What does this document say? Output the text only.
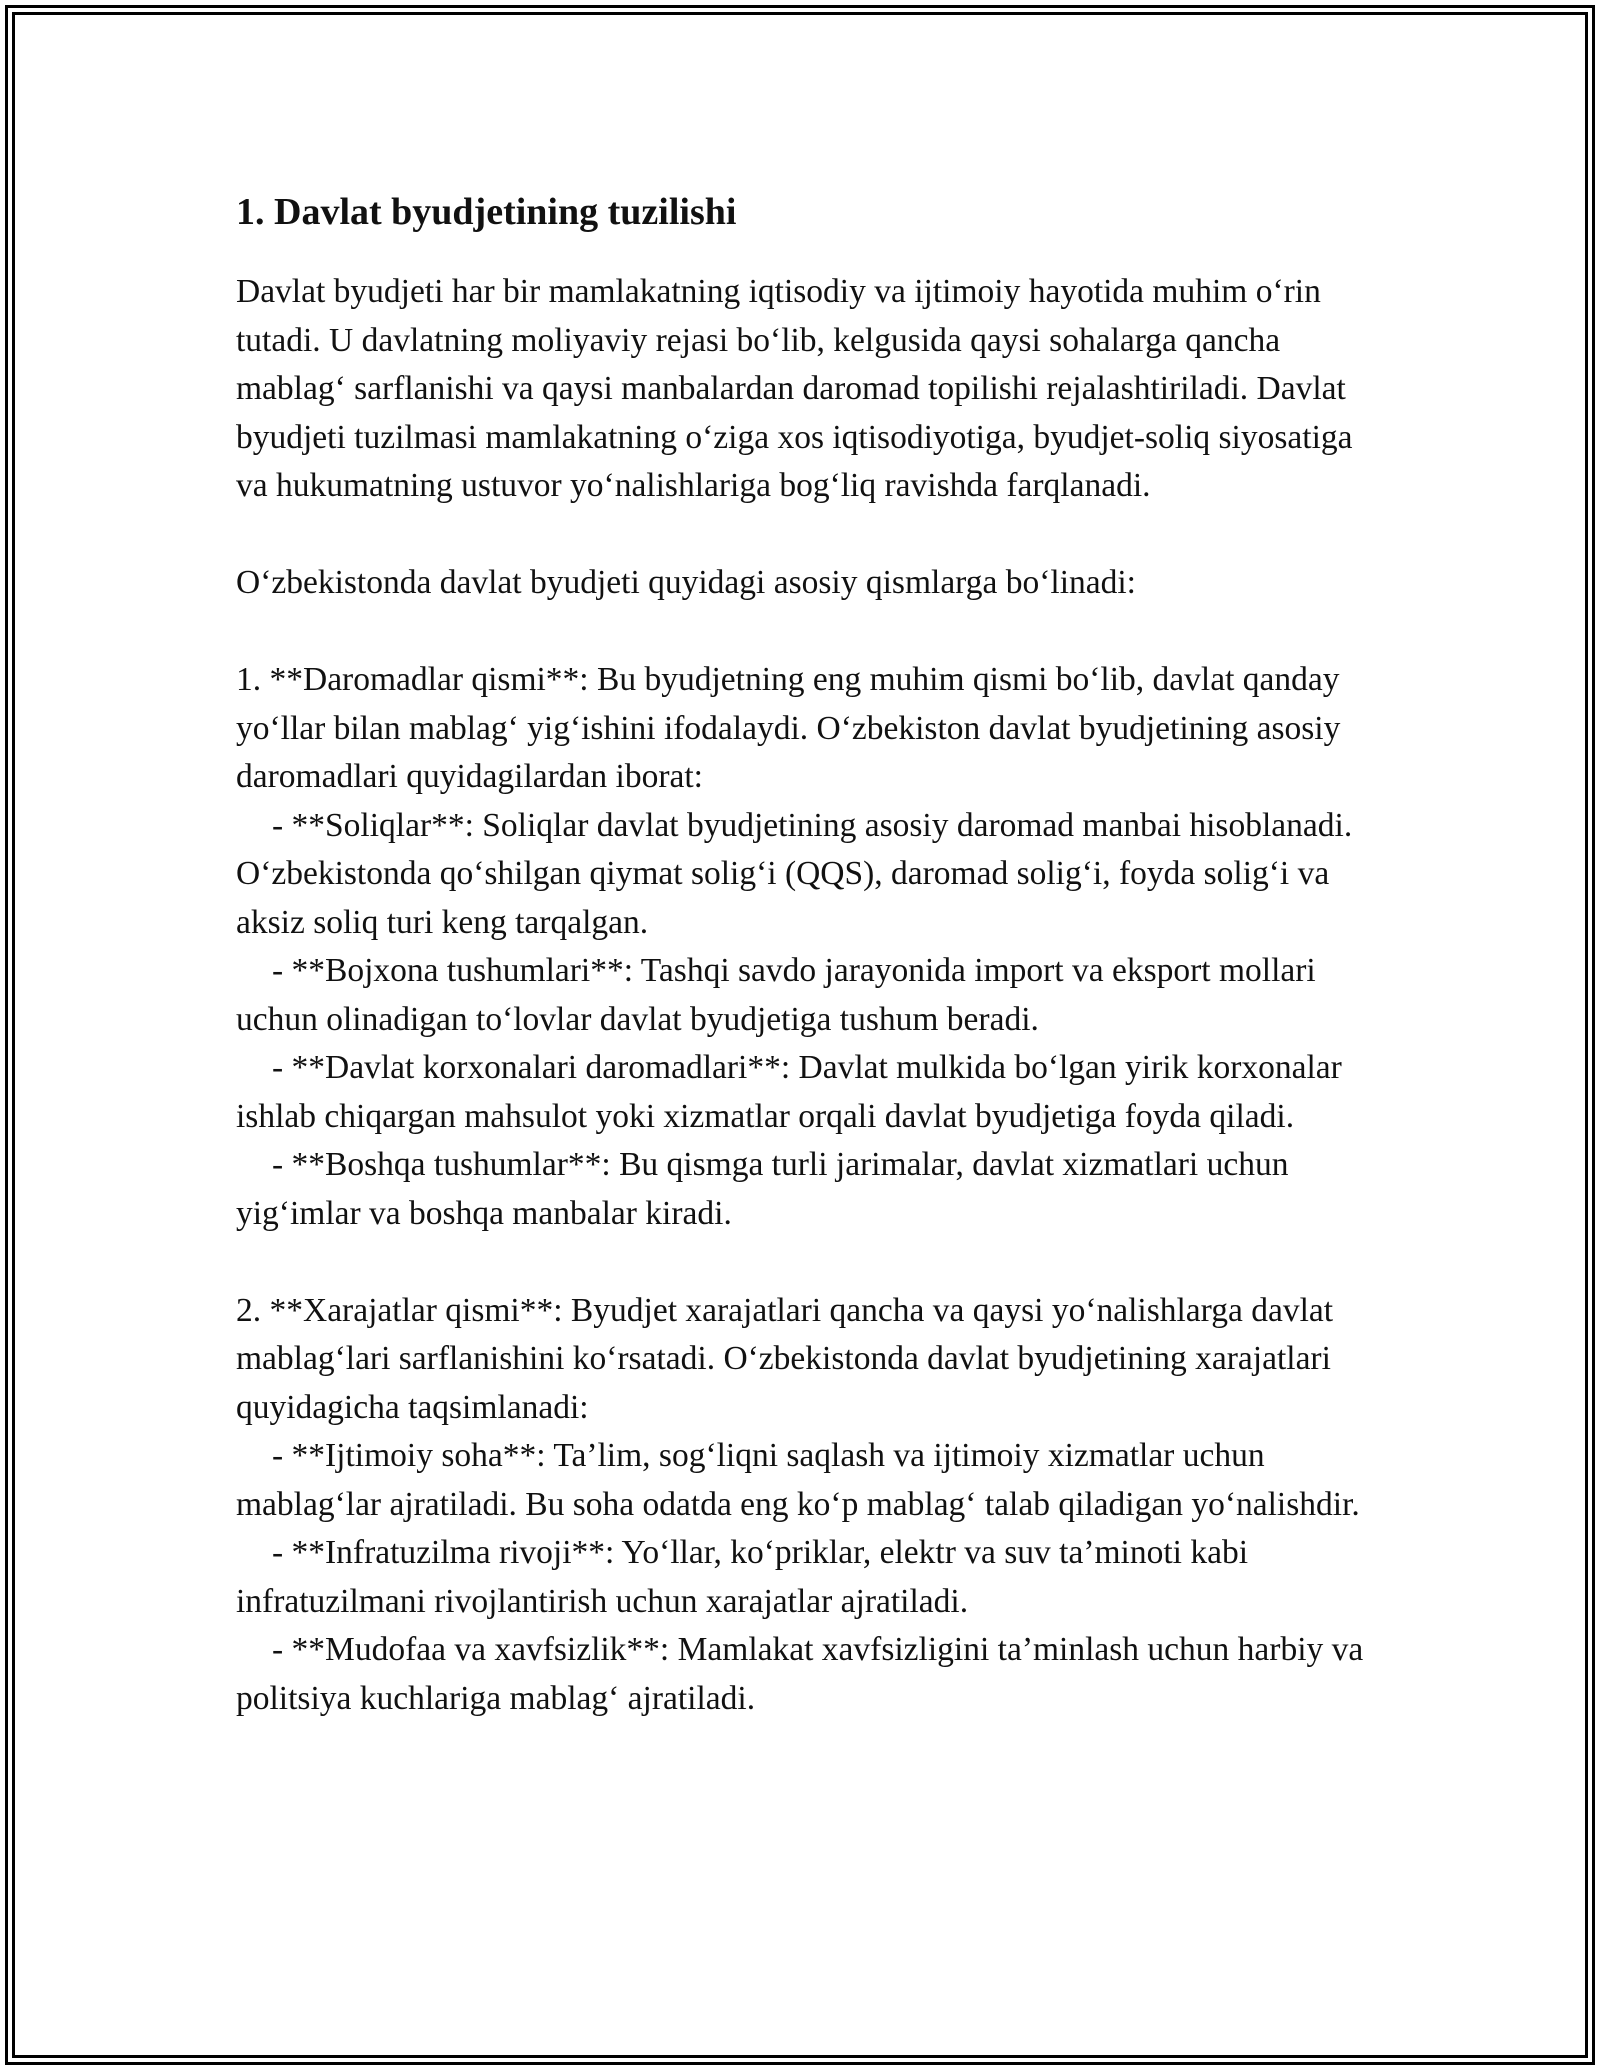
1. Davlat byudjetining tuzilishi

Davlat byudjeti har bir mamlakatning iqtisodiy va ijtimoiy hayotida muhim o‘rin tutadi. U davlatning moliyaviy rejasi bo‘lib, kelgusida qaysi sohalarga qancha mablag‘ sarflanishi va qaysi manbalardan daromad topilishi rejalashtiriladi. Davlat byudjeti tuzilmasi mamlakatning o‘ziga xos iqtisodiyotiga, byudjet-soliq siyosatiga va hukumatning ustuvor yo‘nalishlariga bog‘liq ravishda farqlanadi.

O‘zbekistonda davlat byudjeti quyidagi asosiy qismlarga bo‘linadi:

1. **Daromadlar qismi**: Bu byudjetning eng muhim qismi bo‘lib, davlat qanday yo‘llar bilan mablag‘ yig‘ishini ifodalaydi. O‘zbekiston davlat byudjetining asosiy daromadlari quyidagilardan iborat:

- **Soliqlar**: Soliqlar davlat byudjetining asosiy daromad manbai hisoblanadi. O‘zbekistonda qo‘shilgan qiymat solig‘i (QQS), daromad solig‘i, foyda solig‘i va aksiz soliq turi keng tarqalgan.

- **Bojxona tushumlari**: Tashqi savdo jarayonida import va eksport mollari uchun olinadigan to‘lovlar davlat byudjetiga tushum beradi.

- **Davlat korxonalari daromadlari**: Davlat mulkida bo‘lgan yirik korxonalar ishlab chiqargan mahsulot yoki xizmatlar orqali davlat byudjetiga foyda qiladi.

- **Boshqa tushumlar**: Bu qismga turli jarimalar, davlat xizmatlari uchun yig‘imlar va boshqa manbalar kiradi.

2. **Xarajatlar qismi**: Byudjet xarajatlari qancha va qaysi yo‘nalishlarga davlat mablag‘lari sarflanishini ko‘rsatadi. O‘zbekistonda davlat byudjetining xarajatlari quyidagicha taqsimlanadi:

- **Ijtimoiy soha**: Ta’lim, sog‘liqni saqlash va ijtimoiy xizmatlar uchun mablag‘lar ajratiladi. Bu soha odatda eng ko‘p mablag‘ talab qiladigan yo‘nalishdir.

- **Infratuzilma rivoji**: Yo‘llar, ko‘priklar, elektr va suv ta’minoti kabi infratuzilmani rivojlantirish uchun xarajatlar ajratiladi.

- **Mudofaa va xavfsizlik**: Mamlakat xavfsizligini ta’minlash uchun harbiy va politsiya kuchlariga mablag‘ ajratiladi.
